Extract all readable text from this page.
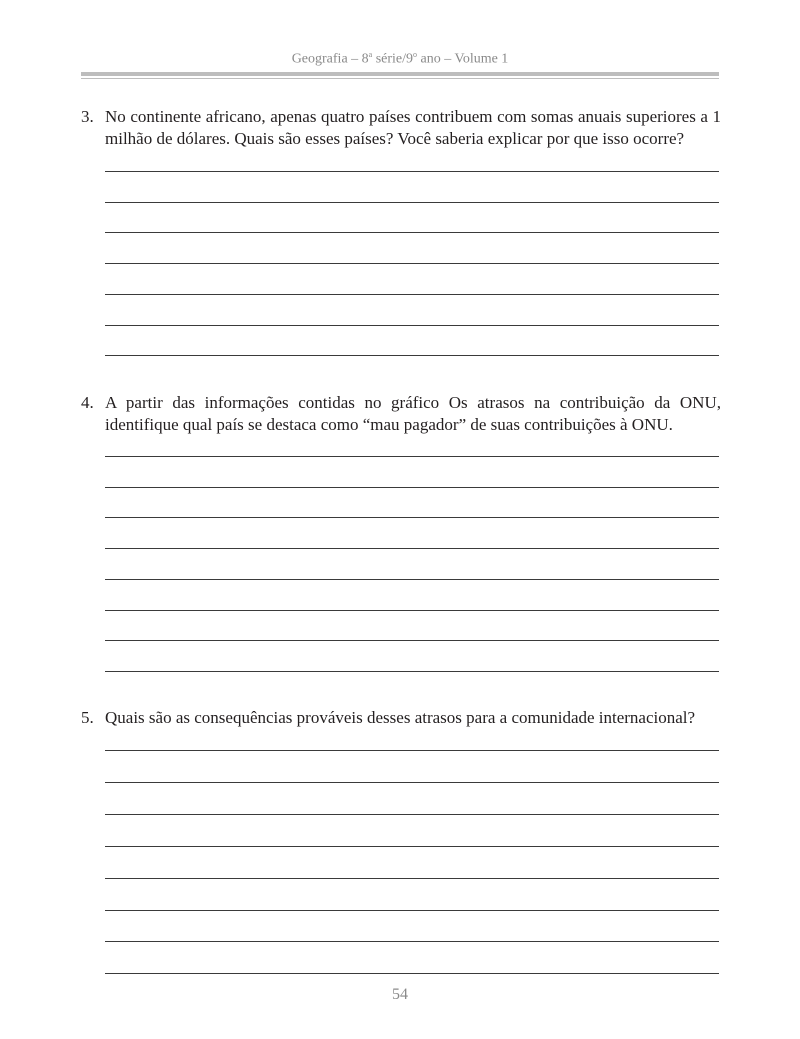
Geografia – 8$^a$ série/9$^o$ ano – Volume 1
3. No continente africano, apenas quatro países contribuem com somas anuais superiores a 1 milhão de dólares. Quais são esses países? Você saberia explicar por que isso ocorre?
4. A partir das informações contidas no gráfico Os atrasos na contribuição da ONU, identifique qual país se destaca como “mau pagador” de suas contribuições à ONU.
5. Quais são as consequências prováveis desses atrasos para a comunidade internacional?
54
